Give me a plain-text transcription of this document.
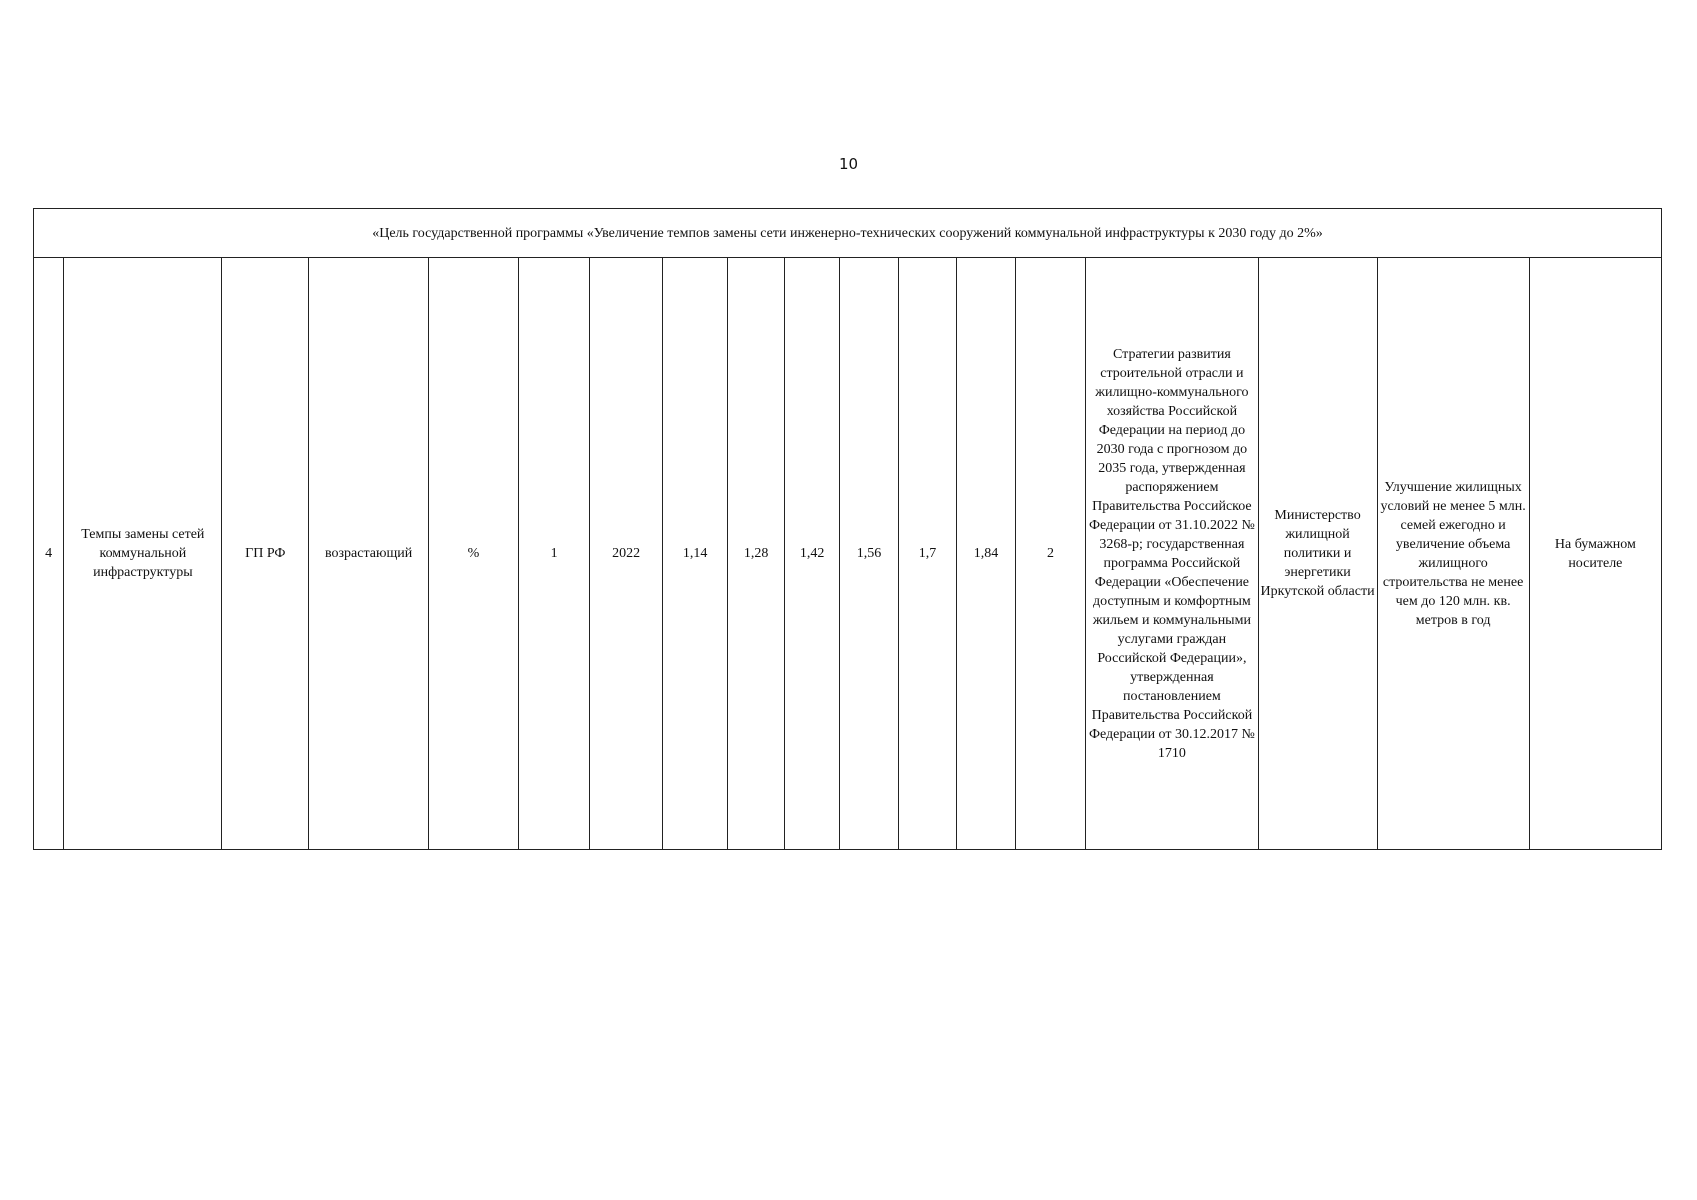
10
«Цель государственной программы «Увеличение темпов замены сети инженерно-технических сооружений коммунальной инфраструктуры к 2030 году до 2%»
4	Темпы замены сетей коммунальной инфраструктуры	ГП РФ	возрастающий	%	1	2022	1,14	1,28	1,42	1,56	1,7	1,84	2	Стратегии развития строительной отрасли и жилищно-коммунального хозяйства Российской Федерации на период до 2030 года с прогнозом до 2035 года, утвержденная распоряжением Правительства Российское Федерации от 31.10.2022 № 3268-р; государственная программа Российской Федерации «Обеспечение доступным и комфортным жильем и коммунальными услугами граждан Российской Федерации», утвержденная постановлением Правительства Российской Федерации от 30.12.2017 № 1710	Министерство жилищной политики и энергетики Иркутской области	Улучшение жилищных условий не менее 5 млн. семей ежегодно и увеличение объема жилищного строительства не менее чем до 120 млн. кв. метров в год	На бумажном носителе
